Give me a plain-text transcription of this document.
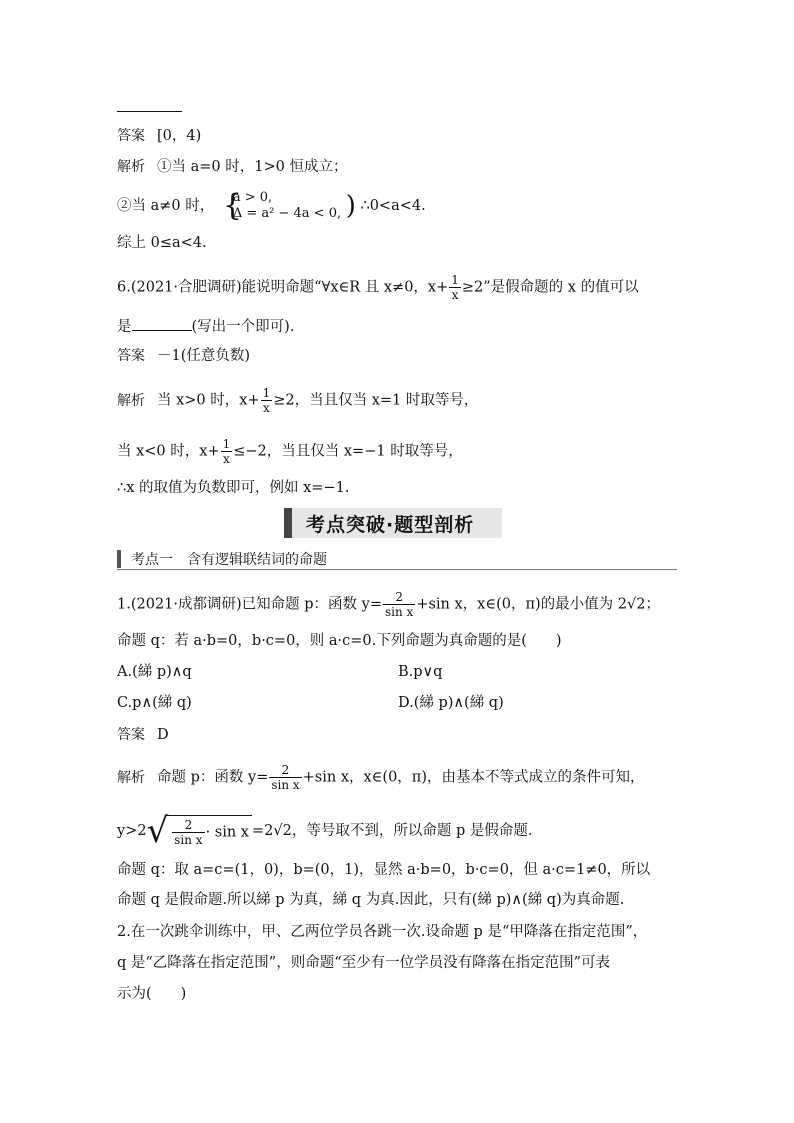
答案 [0，4)
解析 ①当 a=0 时，1>0 恒成立；
②当 a≠0 时， {
a > 0,
Δ = a² − 4a < 0, ) ∴0<a<4.
综上 0≤a<4.
6.(2021·合肥调研)能说明命题“∀x∈R 且 x≠0，$x+ \frac{1}{x} \ge 2$”是假命题的 x 的值可以
是	(写出一个即可).
答案 －1(任意负数)
解析 当 x>0 时，$x+ \frac{1}{x} \ge 2$，当且仅当 x=1 时取等号，
当 x<0 时，$x+ \frac{1}{x} \le-2$，当且仅当 x=−1 时取等号，
∴x 的取值为负数即可，例如 x=−1.
考点突破·题型剖析
考点一　含有逻辑联结词的命题
1.(2021·成都调研)已知命题 p：函数 $y= \frac{2}{\text{sin x}} +\sin$ x，x∈(0，π)的最小值为 2√2；
命题 q：若 a·b=0，b·c=0，则 a·c=0.下列命题为真命题的是(　　)
A.(綈 p)∧q	B.p∨q
C.p∧(綈 q)	D.(綈 p)∧(綈 q)
答案 D
解析 命题 p：函数 $y= \frac{2}{\text{sin x}} +\sin$ x，x∈(0，π)，由基本不等式成立的条件可知，
$y>2√ \frac{2}{\text{sin x}} \cdot \sin x =2√2$，等号取不到，所以命题 p 是假命题.
命题 q：取 a=c=(1，0)，b=(0，1)，显然 a·b=0，b·c=0，但 a·c=1≠0，所以
命题 q 是假命题.所以綈 p 为真，綈 q 为真.因此，只有(綈 p)∧(綈 q)为真命题.
2.在一次跳伞训练中，甲、乙两位学员各跳一次.设命题 p 是“甲降落在指定范围”，
q 是“乙降落在指定范围”，则命题“至少有一位学员没有降落在指定范围”可表
示为(　　)
